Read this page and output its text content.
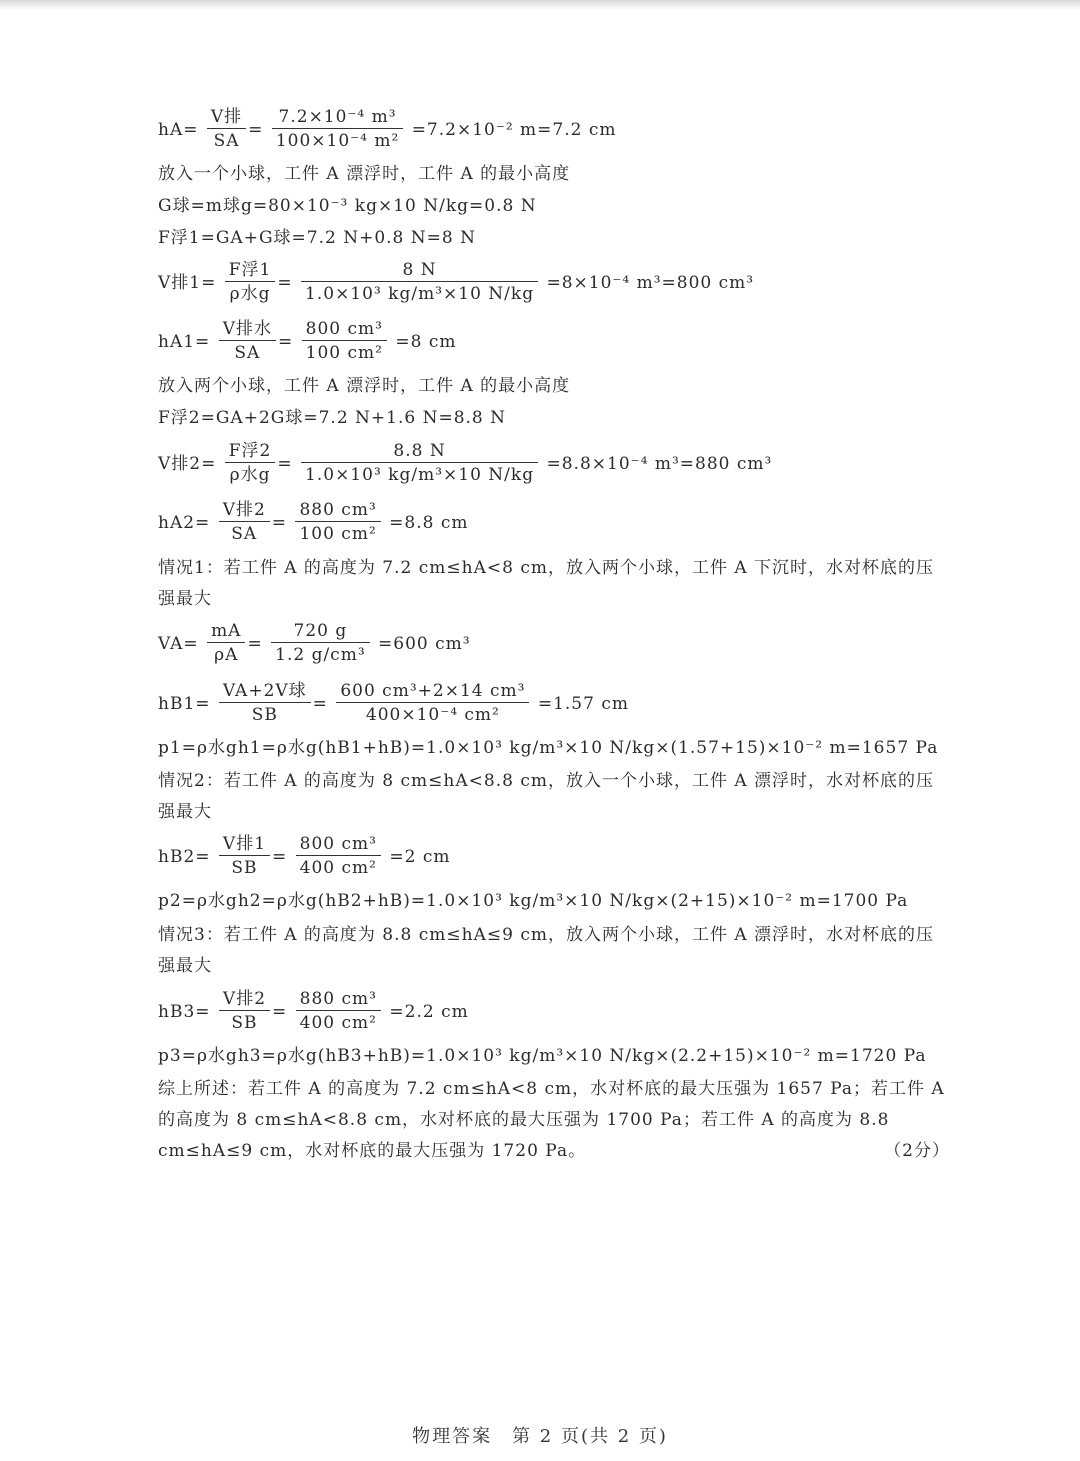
$hA= \frac{\text{V排}}{SA} = \frac{\text{7.2×10⁻⁴ m³}}{\text{100×10⁻⁴ m²}} =7.2\times 10^{-2}$ m=7.2 cm
放入一个小球，工件 A 漂浮时，工件 A 的最小高度
G球=m球g=80×10⁻³ kg×10 N/kg=0.8 N
F浮1=GA+G球=7.2 N+0.8 N=8 N
V排$1= \frac{\text{F浮1}}{\text{ρ水g}} = \frac{8 N}{\text{1.0×10³ kg/m³×10 N/kg}} =8\times 10^{-4}$ m³=800 cm³
$hA1= \frac{\text{V排水}}{SA} = \frac{\text{800 cm³}}{\text{100 cm²}} =8$ cm
放入两个小球，工件 A 漂浮时，工件 A 的最小高度
F浮2=GA+2G球=7.2 N+1.6 N=8.8 N
V排$2= \frac{\text{F浮2}}{\text{ρ水g}} = \frac{8.8 N}{\text{1.0×10³ kg/m³×10 N/kg}} =8.8\times 10^{-4}$ m³=880 cm³
$hA2= \frac{\text{V排2}}{SA} = \frac{\text{880 cm³}}{\text{100 cm²}} =8.8$ cm
情况1：若工件 A 的高度为 7.2 cm≤hA<8 cm，放入两个小球，工件 A 下沉时，水对杯底的压强最大
$VA= \frac{mA}{\rho A} = \frac{720 g}{\text{1.2 g/cm³}} =600$ cm³
$hB1= \frac{\text{VA+2V球}}{SB} = \frac{\text{600 cm³+2×14 cm³}}{\text{400×10⁻⁴ cm²}} =1.57$ cm
p1=ρ水gh1=ρ水g(hB1+hB)=1.0×10³ kg/m³×10 N/kg×(1.57+15)×10⁻² m=1657 Pa
情况2：若工件 A 的高度为 8 cm≤hA<8.8 cm，放入一个小球，工件 A 漂浮时，水对杯底的压强最大
$hB2= \frac{\text{V排1}}{SB} = \frac{\text{800 cm³}}{\text{400 cm²}} =2$ cm
p2=ρ水gh2=ρ水g(hB2+hB)=1.0×10³ kg/m³×10 N/kg×(2+15)×10⁻² m=1700 Pa
情况3：若工件 A 的高度为 8.8 cm≤hA≤9 cm，放入两个小球，工件 A 漂浮时，水对杯底的压强最大
$hB3= \frac{\text{V排2}}{SB} = \frac{\text{880 cm³}}{\text{400 cm²}} =2.2$ cm
p3=ρ水gh3=ρ水g(hB3+hB)=1.0×10³ kg/m³×10 N/kg×(2.2+15)×10⁻² m=1720 Pa
综上所述：若工件 A 的高度为 7.2 cm≤hA<8 cm，水对杯底的最大压强为 1657 Pa；若工件 A 的高度为 8 cm≤hA<8.8 cm，水对杯底的最大压强为 1700 Pa；若工件 A 的高度为 8.8 cm≤hA≤9 cm，水对杯底的最大压强为 1720 Pa。	（2分）
物理答案　第 2 页(共 2 页)
